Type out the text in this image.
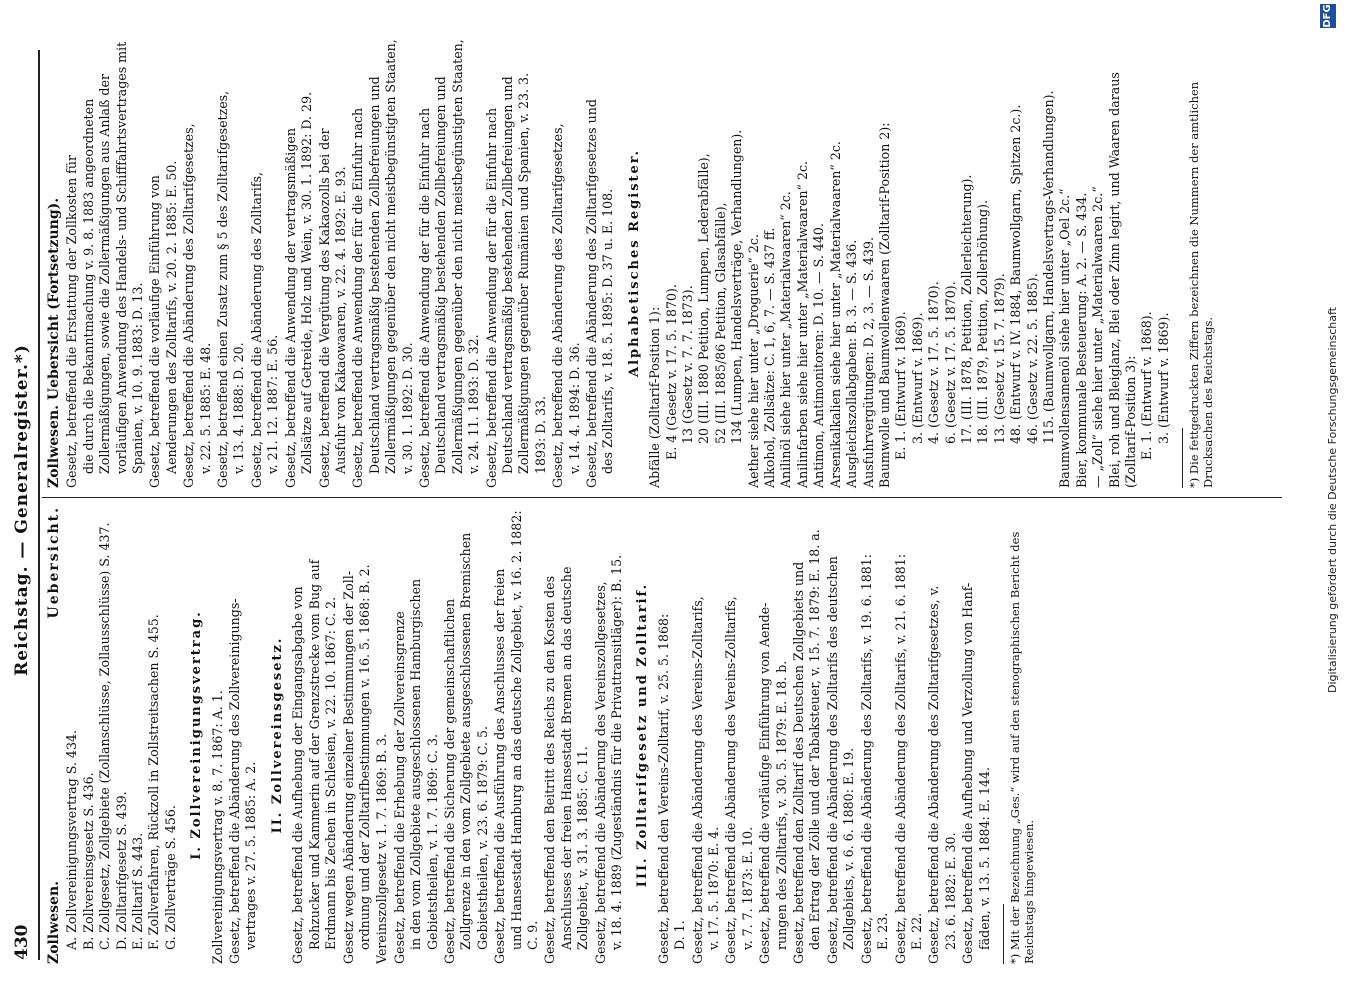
430
Reichstag. — Generalregister.*)
Zollwesen.
Uebersicht.
A. Zollvereinigungsvertrag S. 434. B. Zollvereinsgesetz S. 436. C. Zollgesetz, Zollgebiete (Zollanschlüsse, Zollausschlüsse) S. 437. D. Zolltarifgesetz S. 439. E. Zolltarif S. 443. F. Zollverfahren, Rückzoll in Zollstreitsachen S. 455. G. Zollverträge S. 456.
I. Zollvereinigungsvertrag. Zollvereinigungsvertrag v. 8. 7. 1867: A. 1. Gesetz, betreffend die Abänderung des Zollvereinigungs- vertrages v. 27. 5. 1885: A. 2.
II. Zollvereinsgesetz. Gesetz, betreffend die Aufhebung der Eingangsabgabe von Rohzucker und Kammerin auf der Grenzstrecke vom Bug auf Erdmann bis Zechen in Schlesien, v. 22. 10. 1867: C. 2. Gesetz wegen Abänderung einzelner Bestimmungen der Zoll- ordnung und der Zolltarifbestimmungen v. 16. 5. 1868: B. 2. Vereinszollgesetz v. 1. 7. 1869: B. 3. Gesetz, betreffend die Erhebung der Zollvereinsgrenze in den vom Zollgebiete ausgeschlossenen Hamburgischen Gebietstheilen, v. 1. 7. 1869: C. 3. Gesetz, betreffend die Sicherung der gemeinschaftlichen Zollgrenze in den vom Zollgebiete ausgeschlossenen Bremischen Gebietstheilen, v. 23. 6. 1879: C. 5. Gesetz, betreffend die Ausführung des Anschlusses der freien und Hansestadt Hamburg an das deutsche Zollgebiet, v. 16. 2. 1882: C. 9. Gesetz, betreffend den Beitritt des Reichs zu den Kosten des Anschlusses der freien Hansestadt Bremen an das deutsche Zollgebiet, v. 31. 3. 1885: C. 11. Gesetz, betreffend die Abänderung des Vereinszollgesetzes, v. 18. 4. 1889 (Zugeständnis für die Privattransitläger): B. 15. III. Zolltarifgesetz und Zolltarif. Gesetz, betreffend den Vereins-Zolltarif, v. 25. 5. 1868: D. 1. Gesetz, betreffend die Abänderung des Vereins-Zolltarifs, v. 17. 5. 1870: E. 4. Gesetz, betreffend die Abänderung des Vereins-Zolltarifs, v. 7. 7. 1873: E. 10. Gesetz, betreffend die vorläufige Einführung von Aende- rungen des Zolltarifs, v. 30. 5. 1879: E. 18. b. Gesetz, betreffend den Zolltarif des Deutschen Zollgebiets und den Ertrag der Zölle und der Tabaksteuer, v. 15. 7. 1879: E. 18. a. Gesetz, betreffend die Abänderung des Zolltarifs des deutschen Zollgebiets, v. 6. 6. 1880: E. 19. Gesetz, betreffend die Abänderung des Zolltarifs, v. 19. 6. 1881: E. 23. Gesetz, betreffend die Abänderung des Zolltarifs, v. 21. 6. 1881: E. 22. Gesetz, betreffend die Abänderung des Zolltarifgesetzes, v. 23. 6. 1882: E. 30. Gesetz, betreffend die Aufhebung und Verzollung von Hanf- fäden, v. 13. 5. 1884: E. 144. *) Mit der Bezeichnung „Ges.“ wird auf den stenographischen Bericht des Reichstags hingewiesen.
Zollwesen. Uebersicht (Fortsetzung). Gesetz, betreffend die Erstattung der Zollkosten für die durch die Bekanntmachung v. 9. 8. 1883 angeordneten Zollermäßigungen, sowie die Zollermäßigungen aus Anlaß der vorläufigen Anwendung des Handels- und Schifffahrtsvertrages mit Spanien, v. 10. 9. 1883: D. 13. Gesetz, betreffend die vorläufige Einführung von Aenderungen des Zolltarifs, v. 20. 2. 1885: E. 50. Gesetz, betreffend die Abänderung des Zolltarifgesetzes, v. 22. 5. 1885: E. 48. Gesetz, betreffend einen Zusatz zum § 5 des Zolltarifgesetzes, v. 13. 4. 1888: D. 20. Gesetz, betreffend die Abänderung des Zolltarifs, v. 21. 12. 1887: E. 56. Gesetz, betreffend die Anwendung der vertragsmäßigen Zollsätze auf Getreide, Holz und Wein, v. 30. 1. 1892: D. 29. Gesetz, betreffend die Vergütung des Kakaozolls bei der Ausfuhr von Kakaowaaren, v. 22. 4. 1892: E. 93. Gesetz, betreffend die Anwendung der für die Einfuhr nach Deutschland vertragsmäßig bestehenden Zollbefreiungen und Zollermäßigungen gegenüber den nicht meistbegünstigten Staaten, v. 30. 1. 1892: D. 30. Gesetz, betreffend die Anwendung der für die Einfuhr nach Deutschland vertragsmäßig bestehenden Zollbefreiungen und Zollermäßigungen gegenüber den nicht meistbegünstigten Staaten, v. 24. 11. 1893: D. 32. Gesetz, betreffend die Anwendung der für die Einfuhr nach Deutschland vertragsmäßig bestehenden Zollbefreiungen und Zollermäßigungen gegenüber Rumänien und Spanien, v. 23. 3. 1893: D. 33. Gesetz, betreffend die Abänderung des Zolltarifgesetzes, v. 14. 4. 1894: D. 36. Gesetz, betreffend die Abänderung des Zolltarifgesetzes und des Zolltarifs, v. 18. 5. 1895: D. 37 u. E. 108. Alphabetisches Register.
Abfälle (Zolltarif-Position 1): E. 4 (Gesetz v. 17. 5. 1870). 13 (Gesetz v. 7. 7. 1873). 20 (III. 1880 Petition, Lumpen, Lederabfälle), 52 (III. 1885/86 Petition, Glasabfälle), 134 (Lumpen, Handelsverträge, Verhandlungen). Aether siehe hier unter „Droguerie“ 2c. Alkohol, Zollsätze: C. 1, 6, 7. — S. 437 ff. Anilinöl siehe hier unter „Materialwaaren“ 2c. Anilinfarben siehe hier unter „Materialwaaren“ 2c. Antimon, Antimonitoren: D. 10. — S. 440. Arsenikalkalien siehe hier unter „Materialwaaren“ 2c. Ausgleichszollabgaben: B. 3. — S. 436. Ausfuhrvergütungen: D. 2, 3. — S. 439. Baumwolle und Baumwollenwaaren (Zolltarif-Position 2): E. 1. (Entwurf v. 1869). 3. (Entwurf v. 1869). 4. (Gesetz v. 17. 5. 1870). 6. (Gesetz v. 17. 5. 1870). 17. (III. 1878, Petition, Zollerleichterung). 18. (III. 1879, Petition, Zollerhöhung). 13. (Gesetz v. 15. 7. 1879). 48. (Entwurf v. IV. 1884, Baumwollgarn, Spitzen 2c.). 46. (Gesetz v. 22. 5. 1885). 115. (Baumwollgarn, Handelsvertrags-Verhandlungen). Baumwollensamenöl siehe hier unter „Oel 2c.“ Bier, kommunale Besteuerung: A. 2. — S. 434. — „Zoll“ siehe hier unter „Materialwaaren 2c.“ Blei, roh und Bleiglanz, Blei oder Zinn legirt, und Waaren daraus (Zolltarif-Position 3): E. 1. (Entwurf v. 1868). 3. (Entwurf v. 1869). *) Die fettgedruckten Ziffern bezeichnen die Nummern der amtlichen Drucksachen des Reichstags.	Digitalisierung gefördert durch die Deutsche Forschungsgemeinschaft
DFG
